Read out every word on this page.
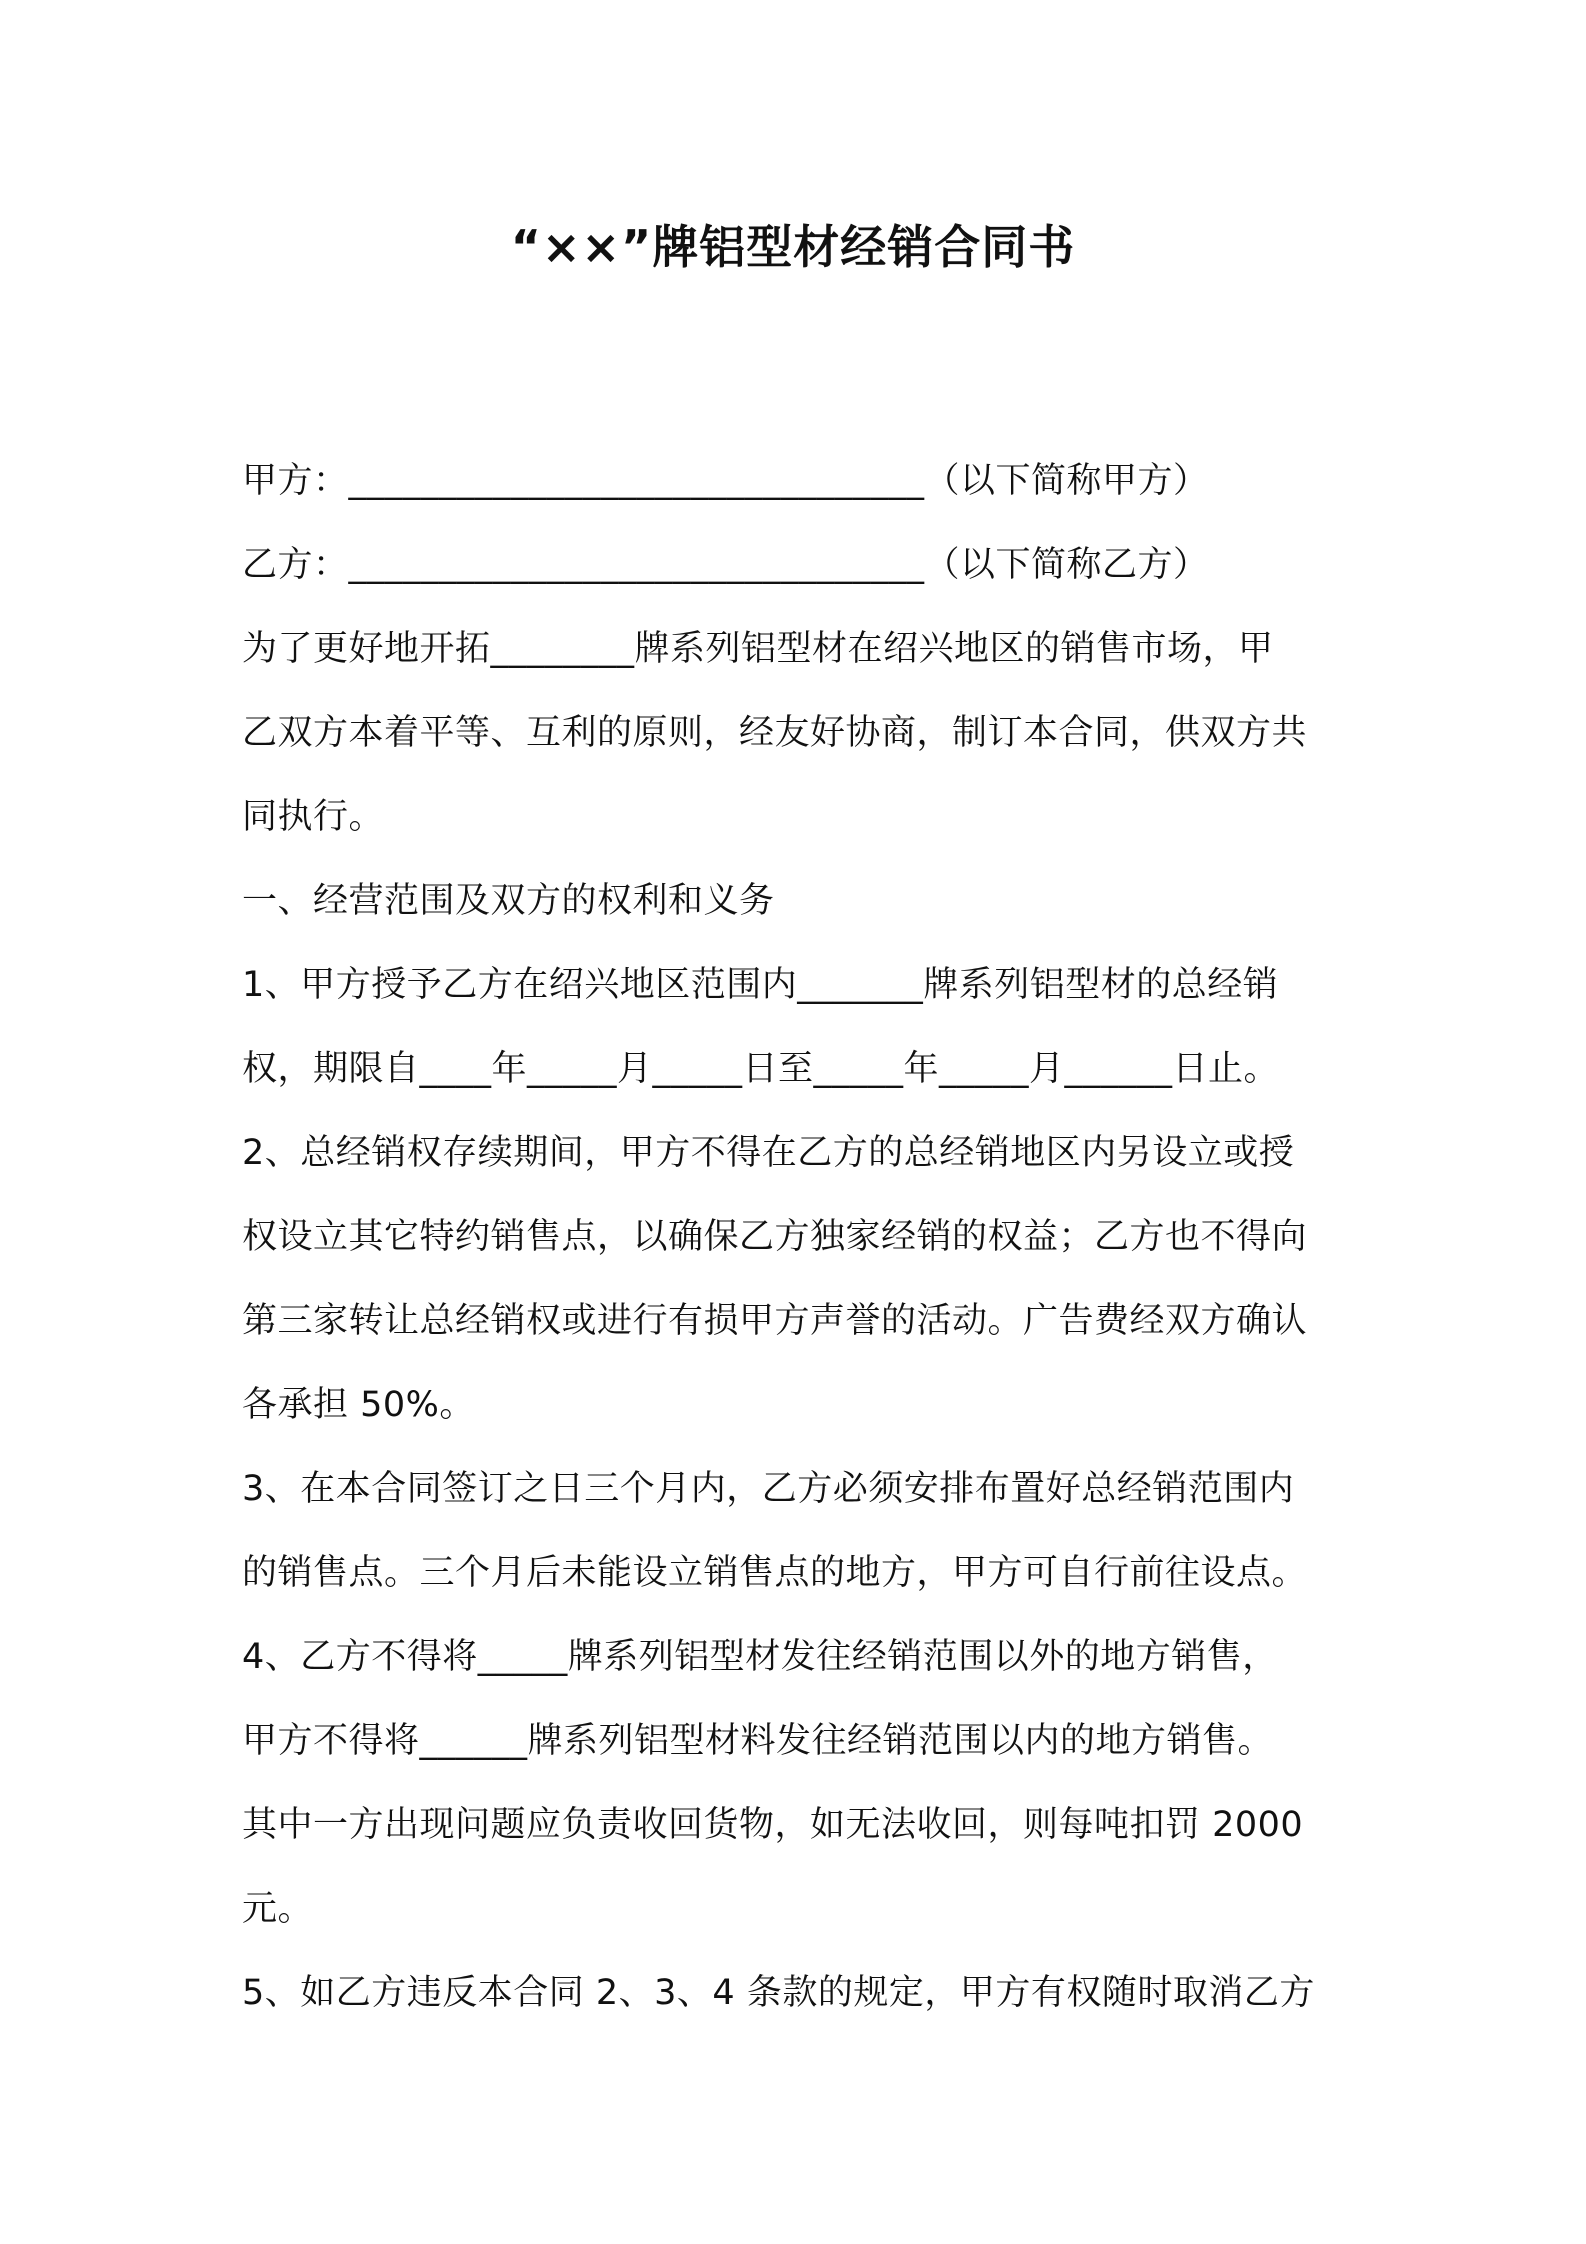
“××”牌铝型材经销合同书
甲方：________________________________（以下简称甲方）
乙方：________________________________（以下简称乙方）
为了更好地开拓________牌系列铝型材在绍兴地区的销售市场，甲
乙双方本着平等、互利的原则，经友好协商，制订本合同，供双方共
同执行。
一、经营范围及双方的权利和义务
1、甲方授予乙方在绍兴地区范围内_______牌系列铝型材的总经销
权，期限自____年_____月_____日至_____年_____月______日止。
2、总经销权存续期间，甲方不得在乙方的总经销地区内另设立或授
权设立其它特约销售点，以确保乙方独家经销的权益；乙方也不得向
第三家转让总经销权或进行有损甲方声誉的活动。广告费经双方确认
各承担 50%。
3、在本合同签订之日三个月内，乙方必须安排布置好总经销范围内
的销售点。三个月后未能设立销售点的地方，甲方可自行前往设点。
4、乙方不得将_____牌系列铝型材发往经销范围以外的地方销售，
甲方不得将______牌系列铝型材料发往经销范围以内的地方销售。
其中一方出现问题应负责收回货物，如无法收回，则每吨扣罚 2000
元。
5、如乙方违反本合同 2、3、4 条款的规定，甲方有权随时取消乙方
